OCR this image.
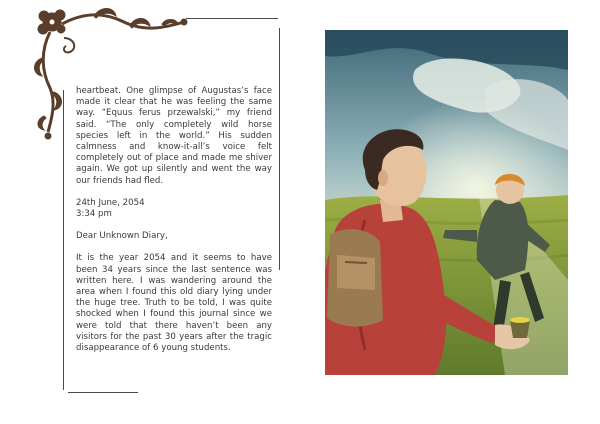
heartbeat. One glimpse of Augustas’s face made it clear that he was feeling the same way. “Equus ferus przewalski,” my friend said. “The only completely wild horse species left in the world.” His sudden calmness and know-it-all’s voice felt completely out of place and made me shiver again. We got up silently and went the way our friends had fled.

24th June, 2054

3:34 pm

Dear Unknown Diary,

It is the year 2054 and it seems to have been 34 years since the last sentence was written here. I was wandering around the area when I found this old diary lying under the huge tree. Truth to be told, I was quite shocked when I found this journal since we were told that there haven’t been any visitors for the past 30 years after the tragic disappearance of 6 young students.
